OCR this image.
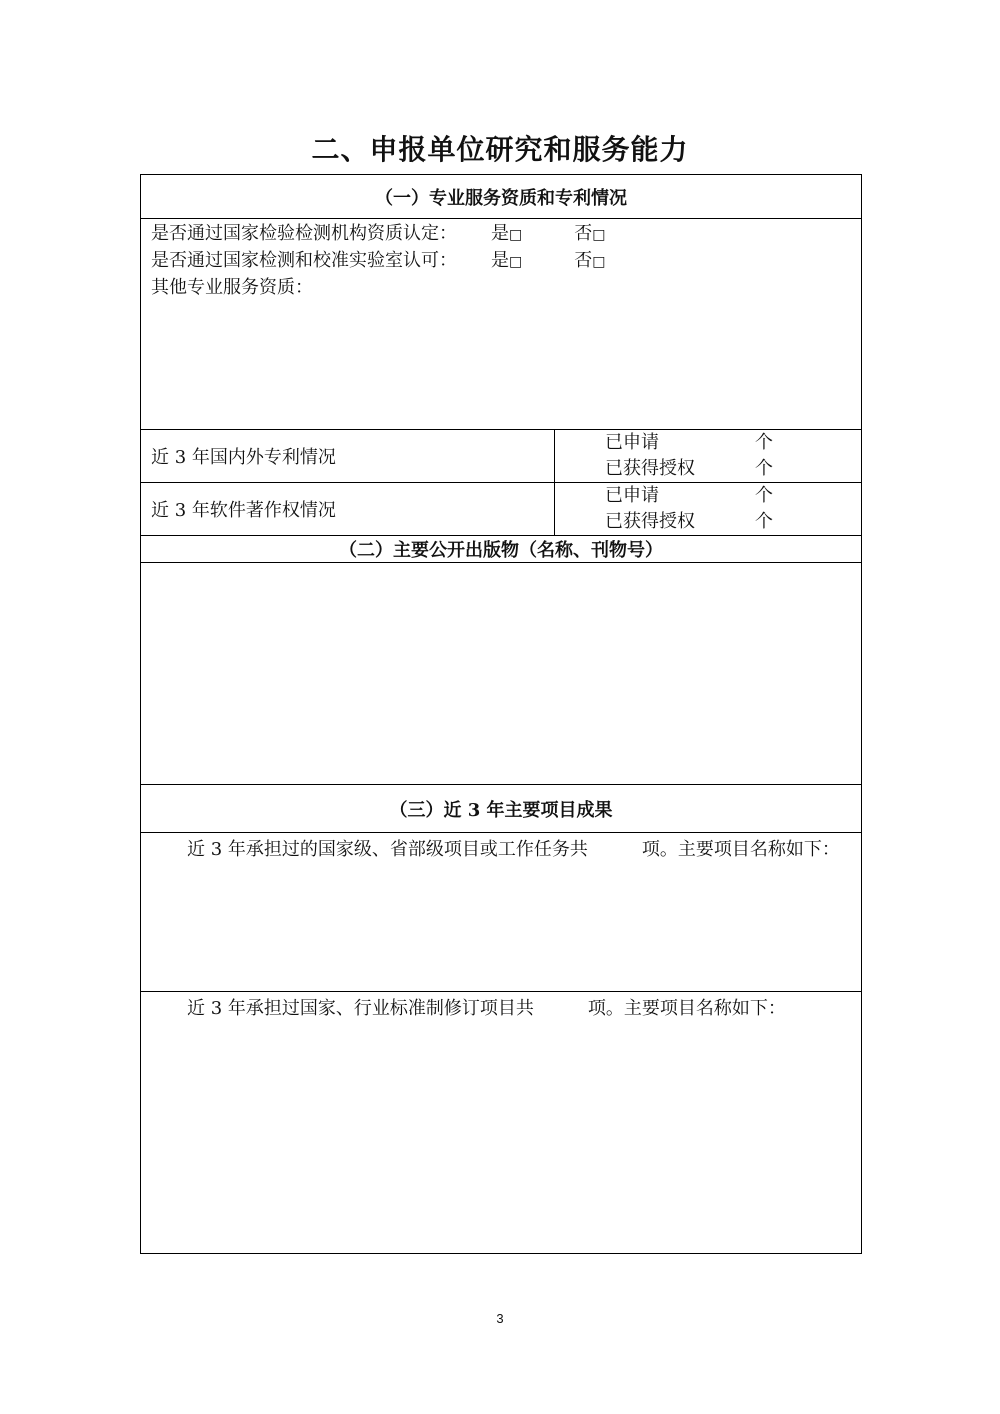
二、申报单位研究和服务能力
（一）专业服务资质和专利情况	

是否通过国家检验检测机构资质认定： 是□ 否□
是否通过国家检测和校准实验室认可： 是□ 否□
其他专业服务资质：	

近 3 年国内外专利情况	已申请 个
已获得授权 个

近 3 年软件著作权情况	已申请 个
已获得授权 个

（二）主要公开出版物（名称、刊物号）	

（三）近 3 年主要项目成果	

近 3 年承担过的国家级、省部级项目或工作任务共 项。主要项目名称如下：	

近 3 年承担过国家、行业标准制修订项目共 项。主要项目名称如下：	
3
